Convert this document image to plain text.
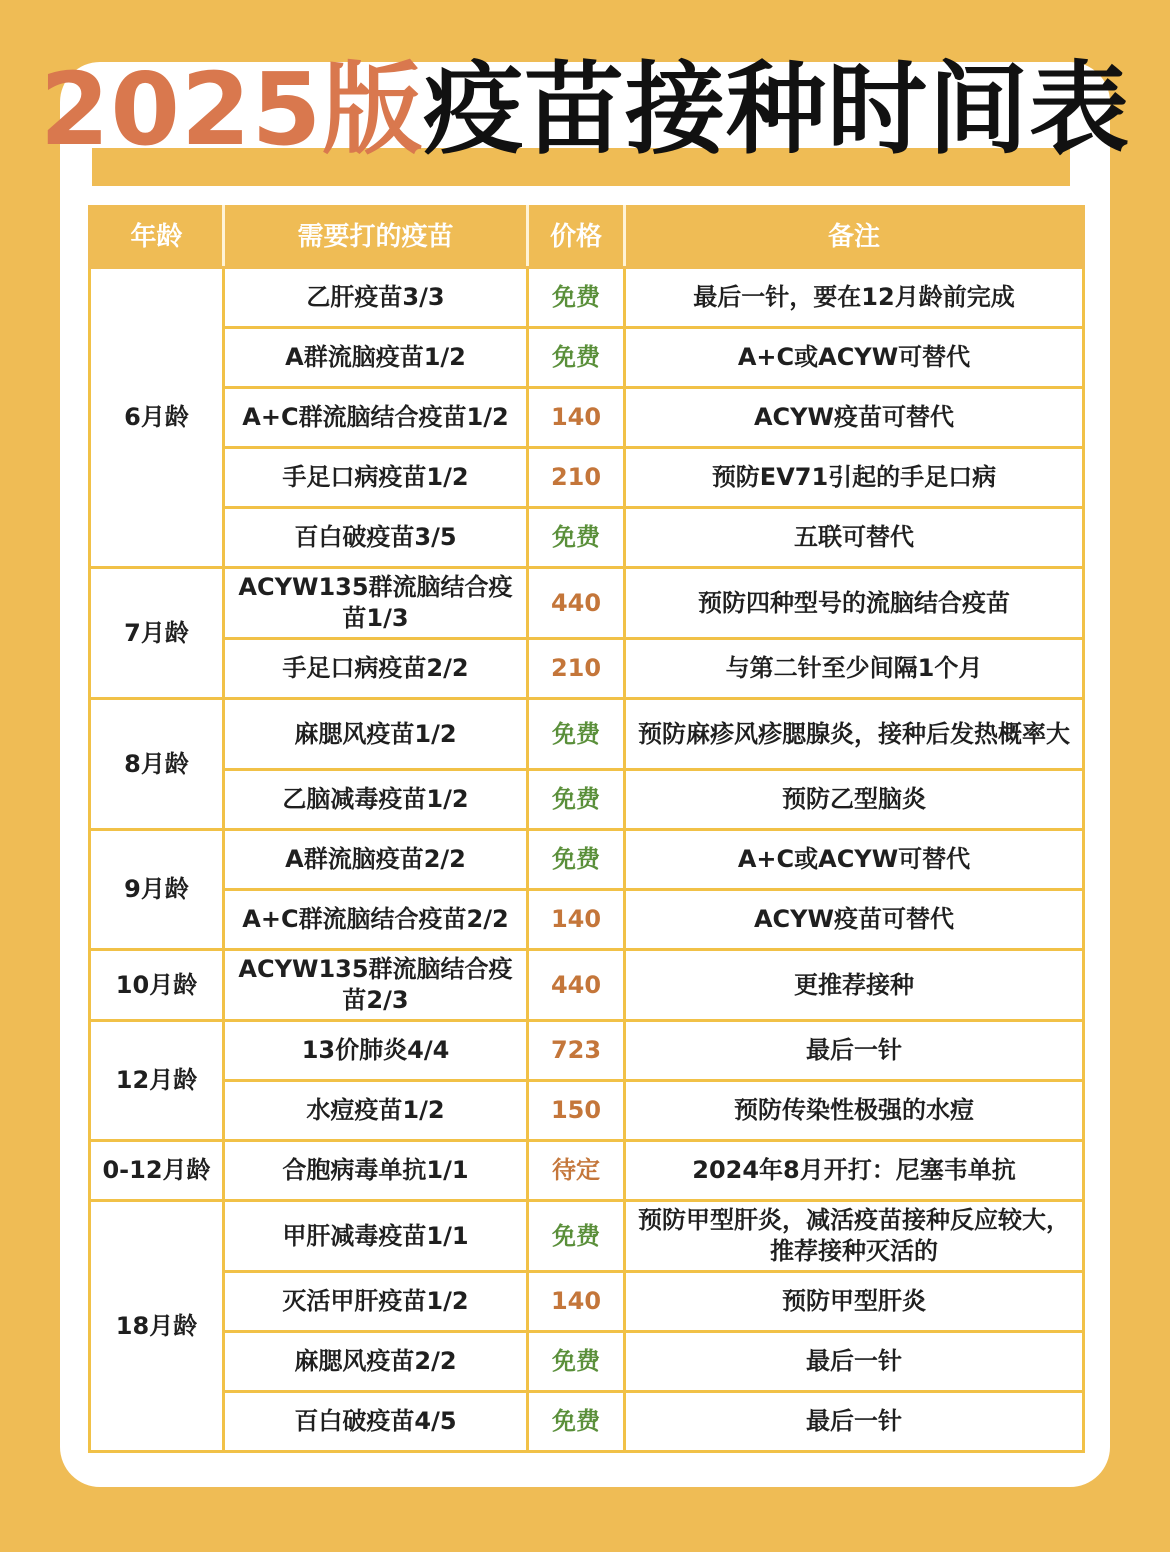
2025版疫苗接种时间表
年龄	需要打的疫苗	价格	备注
6月龄	乙肝疫苗3/3	免费	最后一针，要在12月龄前完成
	A群流脑疫苗1/2	免费	A+C或ACYW可替代
	A+C群流脑结合疫苗1/2	140	ACYW疫苗可替代
	手足口病疫苗1/2	210	预防EV71引起的手足口病
	百白破疫苗3/5	免费	五联可替代
7月龄	ACYW135群流脑结合疫苗1/3	440	预防四种型号的流脑结合疫苗
	手足口病疫苗2/2	210	与第二针至少间隔1个月
8月龄	麻腮风疫苗1/2	免费	预防麻疹风疹腮腺炎，接种后发热概率大
	乙脑减毒疫苗1/2	免费	预防乙型脑炎
9月龄	A群流脑疫苗2/2	免费	A+C或ACYW可替代
	A+C群流脑结合疫苗2/2	140	ACYW疫苗可替代
10月龄	ACYW135群流脑结合疫苗2/3	440	更推荐接种
12月龄	13价肺炎4/4	723	最后一针
	水痘疫苗1/2	150	预防传染性极强的水痘
0-12月龄	合胞病毒单抗1/1	待定	2024年8月开打：尼塞韦单抗
18月龄	甲肝减毒疫苗1/1	免费	预防甲型肝炎，减活疫苗接种反应较大，推荐接种灭活的
	灭活甲肝疫苗1/2	140	预防甲型肝炎
	麻腮风疫苗2/2	免费	最后一针
	百白破疫苗4/5	免费	最后一针
